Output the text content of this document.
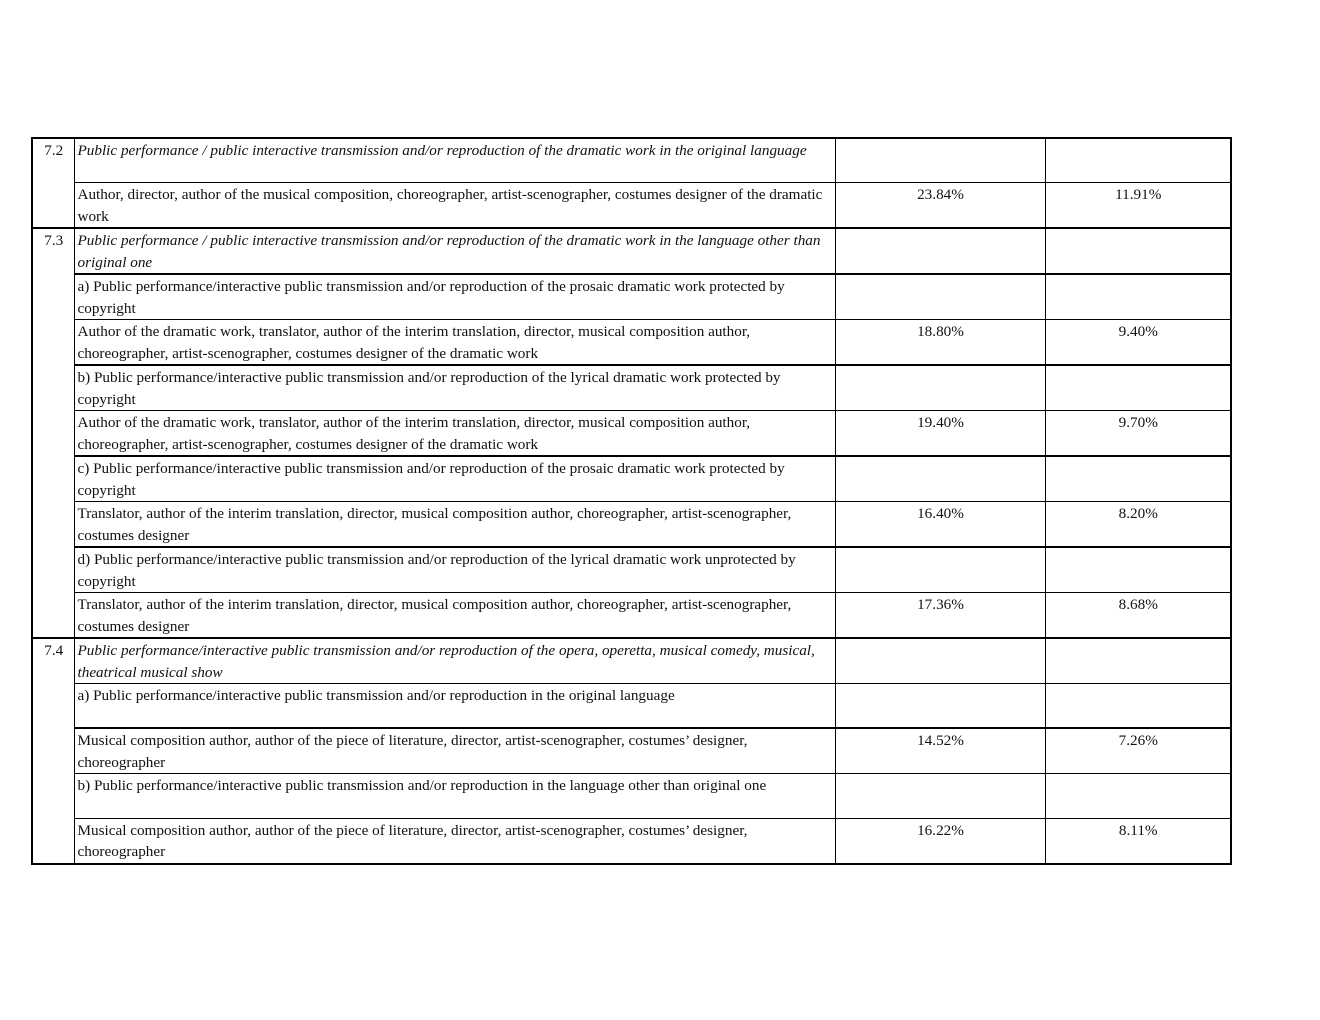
7.2	Public performance / public interactive transmission and/or reproduction of the dramatic work in the original language		
	Author, director, author of the musical composition, choreographer, artist-scenographer, costumes designer of the dramatic work	23.84%	11.91%
7.3	Public performance / public interactive transmission and/or reproduction of the dramatic work in the language other than original one		
	a) Public performance/interactive public transmission and/or reproduction of the prosaic dramatic work protected by copyright		
	Author of the dramatic work, translator, author of the interim translation, director, musical composition author, choreographer, artist-scenographer, costumes designer of the dramatic work	18.80%	9.40%
	b) Public performance/interactive public transmission and/or reproduction of the lyrical dramatic work protected by copyright		
	Author of the dramatic work, translator, author of the interim translation, director, musical composition author, choreographer, artist-scenographer, costumes designer of the dramatic work	19.40%	9.70%
	c) Public performance/interactive public transmission and/or reproduction of the prosaic dramatic work protected by copyright		
	Translator, author of the interim translation, director, musical composition author, choreographer, artist-scenographer, costumes designer	16.40%	8.20%
	d) Public performance/interactive public transmission and/or reproduction of the lyrical dramatic work unprotected by copyright		
	Translator, author of the interim translation, director, musical composition author, choreographer, artist-scenographer, costumes designer	17.36%	8.68%
7.4	Public performance/interactive public transmission and/or reproduction of the opera, operetta, musical comedy, musical, theatrical musical show		
	a) Public performance/interactive public transmission and/or reproduction in the original language		
	Musical composition author, author of the piece of literature, director, artist-scenographer, costumes’ designer, choreographer	14.52%	7.26%
	b) Public performance/interactive public transmission and/or reproduction in the language other than original one		
	Musical composition author, author of the piece of literature, director, artist-scenographer, costumes’ designer, choreographer	16.22%	8.11%
